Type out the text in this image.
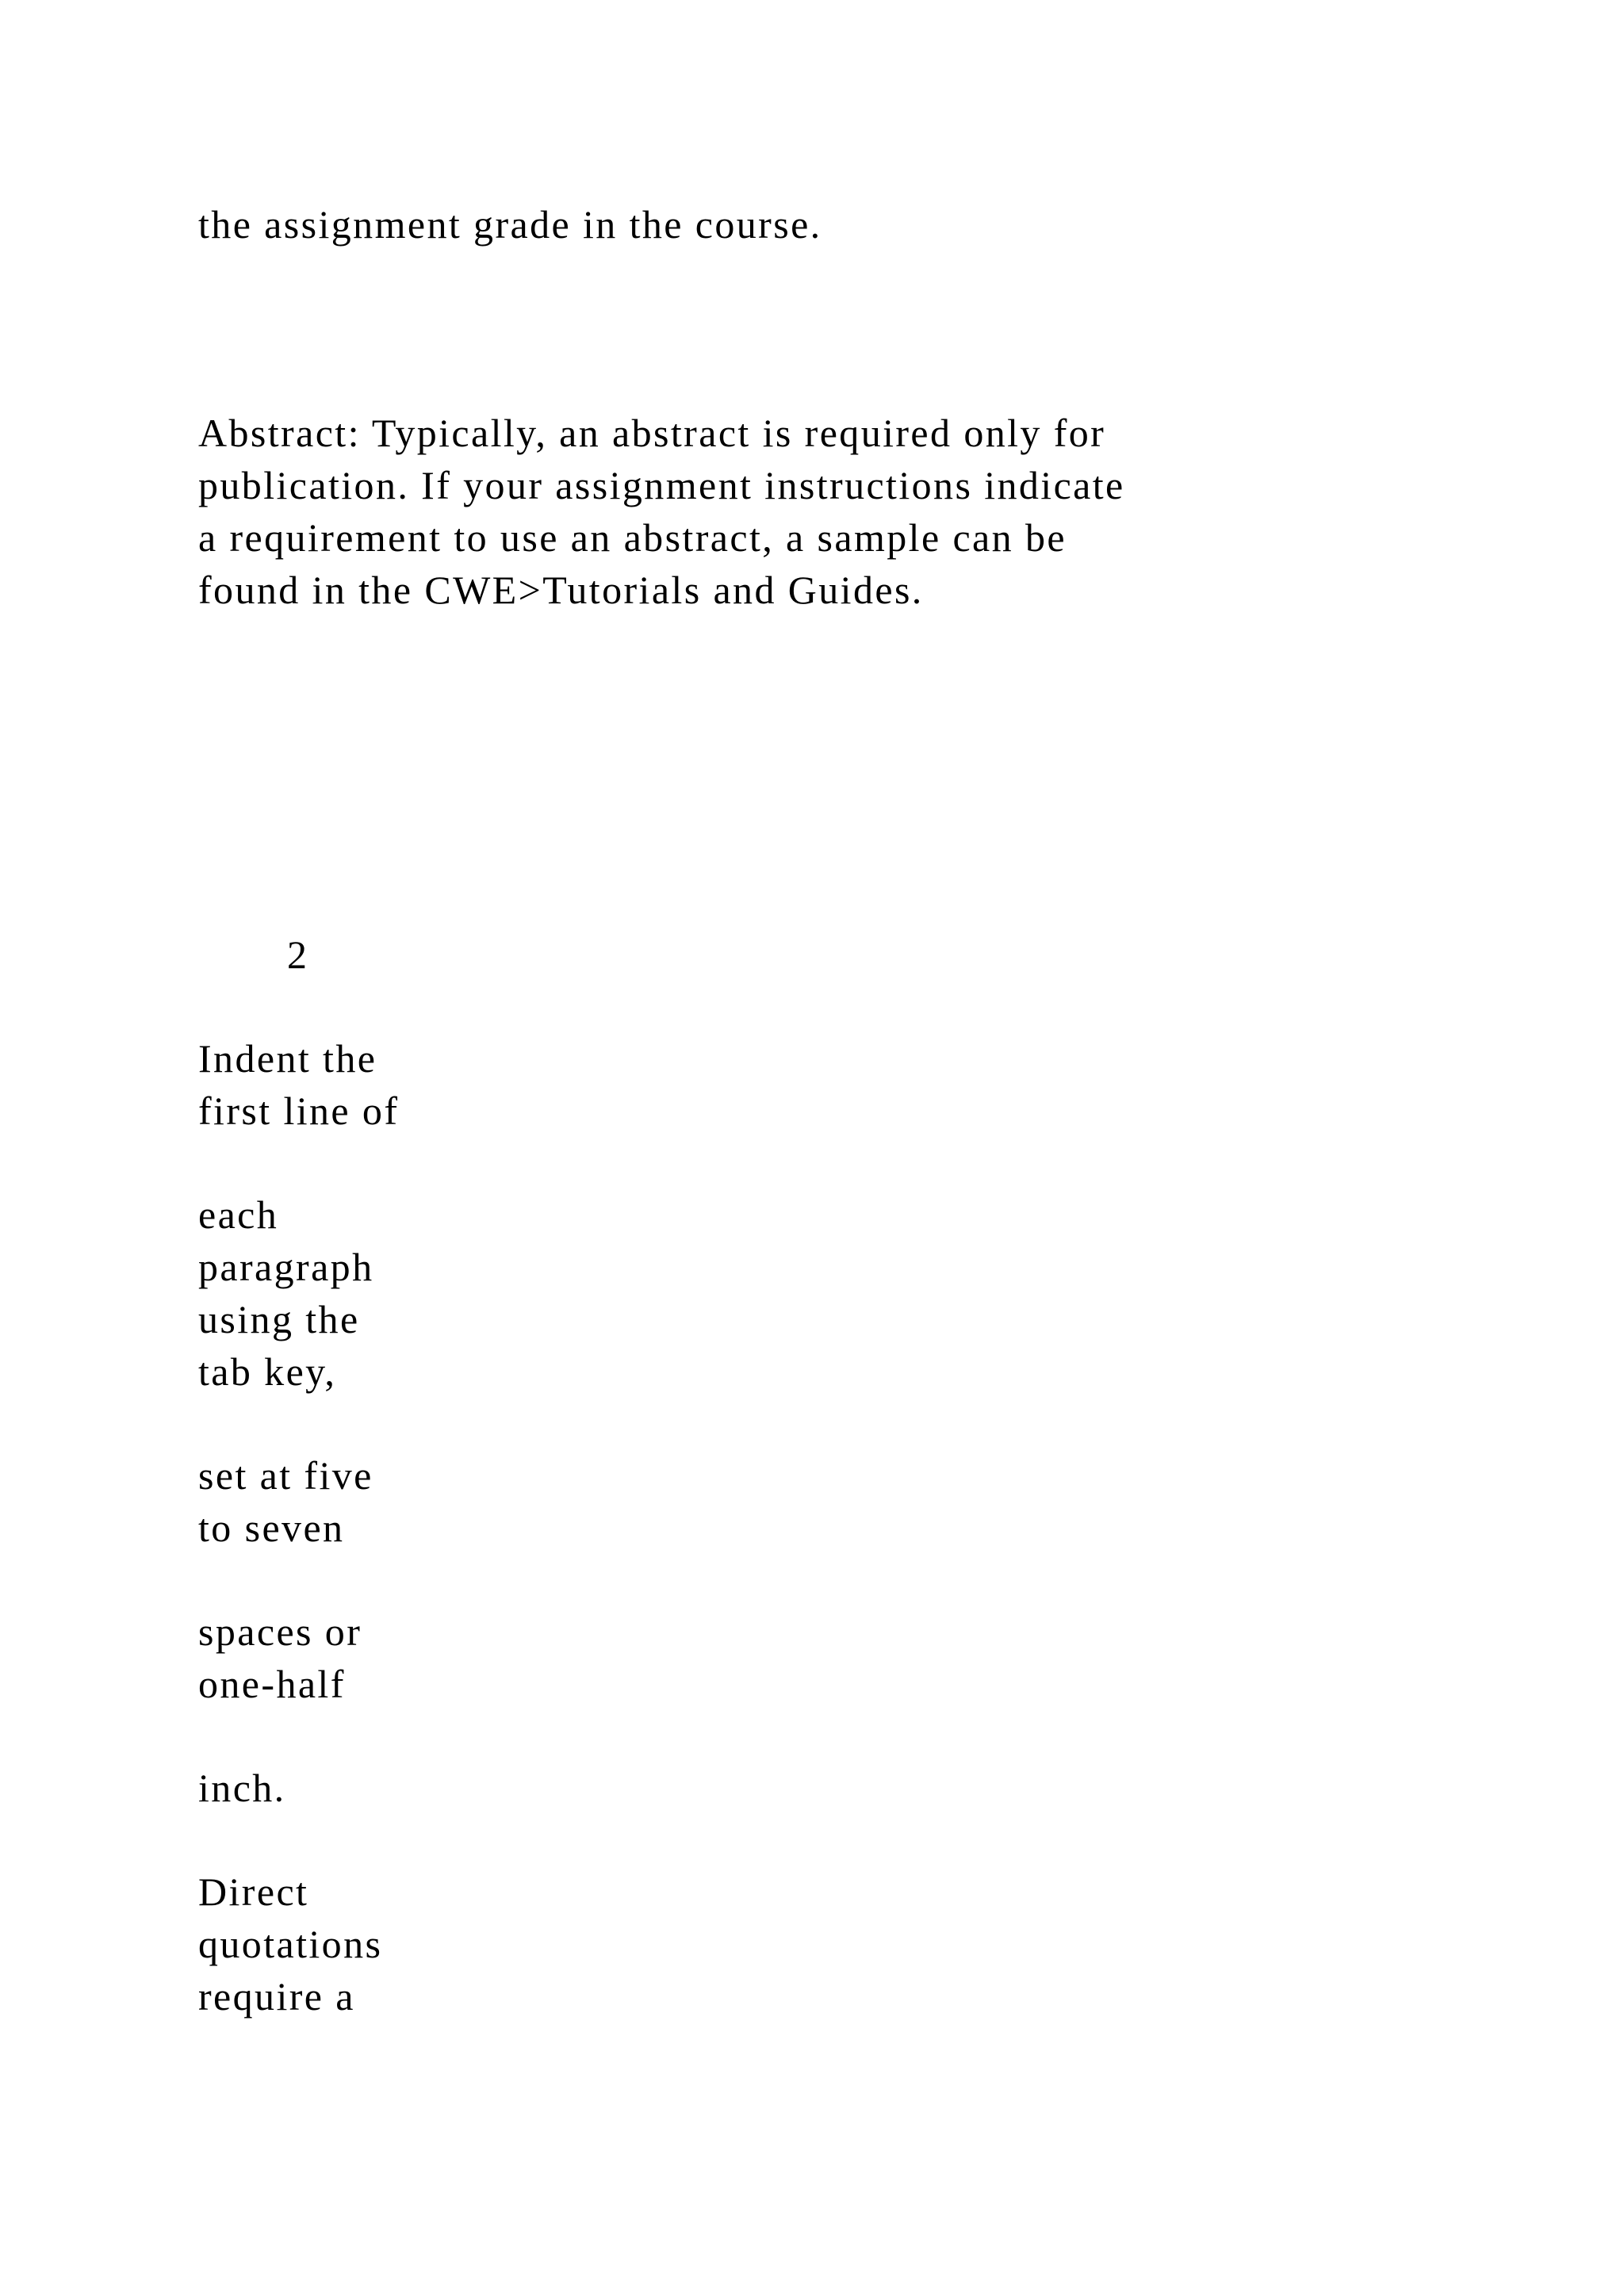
the assignment grade in the course.

Abstract: Typically, an abstract is required only for

publication. If your assignment instructions indicate

a requirement to use an abstract, a sample can be

found in the CWE>Tutorials and Guides.

2

Indent the

first line of

each

paragraph

using the

tab key,

set at five

to seven

spaces or

one-half

inch.

Direct

quotations

require a
